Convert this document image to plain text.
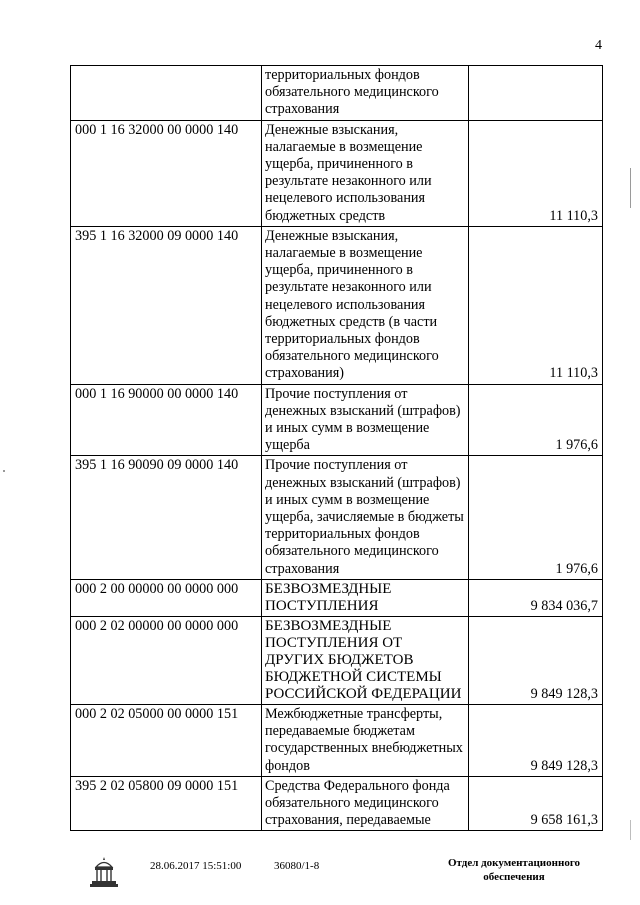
4
	территориальных фондов обязательного медицинского страхования	
000 1 16 32000 00 0000 140	Денежные взыскания, налагаемые в возмещение ущерба, причиненного в результате незаконного или нецелевого использования бюджетных средств	11 110,3
395 1 16 32000 09 0000 140	Денежные взыскания, налагаемые в возмещение ущерба, причиненного в результате незаконного или нецелевого использования бюджетных средств (в части территориальных фондов обязательного медицинского страхования)	11 110,3
000 1 16 90000 00 0000 140	Прочие поступления от денежных взысканий (штрафов) и иных сумм в возмещение ущерба	1 976,6
395 1 16 90090 09 0000 140	Прочие поступления от денежных взысканий (штрафов) и иных сумм в возмещение ущерба, зачисляемые в бюджеты территориальных фондов обязательного медицинского страхования	1 976,6
000 2 00 00000 00 0000 000	БЕЗВОЗМЕЗДНЫЕ ПОСТУПЛЕНИЯ	9 834 036,7
000 2 02 00000 00 0000 000	БЕЗВОЗМЕЗДНЫЕ ПОСТУПЛЕНИЯ ОТ ДРУГИХ БЮДЖЕТОВ БЮДЖЕТНОЙ СИСТЕМЫ РОССИЙСКОЙ ФЕДЕРАЦИИ	9 849 128,3
000 2 02 05000 00 0000 151	Межбюджетные трансферты, передаваемые бюджетам государственных внебюджетных фондов	9 849 128,3
395 2 02 05800 09 0000 151	Средства Федерального фонда обязательного медицинского страхования, передаваемые	9 658 161,3
28.06.2017 15:51:00	36080/1-8	Отдел документационного обеспечения
